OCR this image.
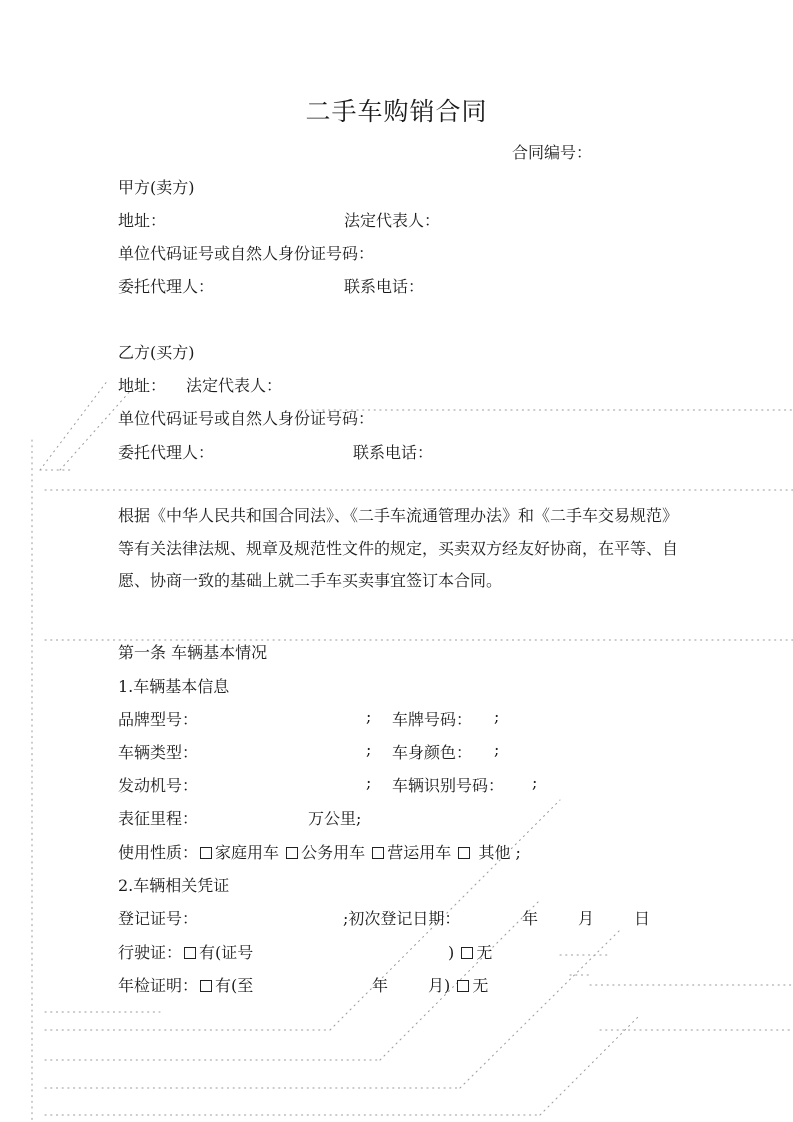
二手车购销合同
合同编号：
甲方(卖方)
地址：	法定代表人：
单位代码证号或自然人身份证号码：
委托代理人：	联系电话：
乙方(买方)
地址： 法定代表人：
单位代码证号或自然人身份证号码：
委托代理人：	联系电话：
根据《中华人民共和国合同法》、《二手车流通管理办法》和《二手车交易规范》等有关法律法规、规章及规范性文件的规定，买卖双方经友好协商，在平等、自愿、协商一致的基础上就二手车买卖事宜签订本合同。
第一条 车辆基本情况
1.车辆基本信息
品牌型号：	; 车牌号码： ;
车辆类型：	; 车身颜色： ;
发动机号：	; 车辆识别号码： ;
表征里程：	万公里;
使用性质： 家庭用车 公务用车 营运用车 其他 ;
2.车辆相关凭证
登记证号：	;初次登记日期：	年 月 日
行驶证： 有(证号	) 无
年检证明： 有(至	年 月) 无
